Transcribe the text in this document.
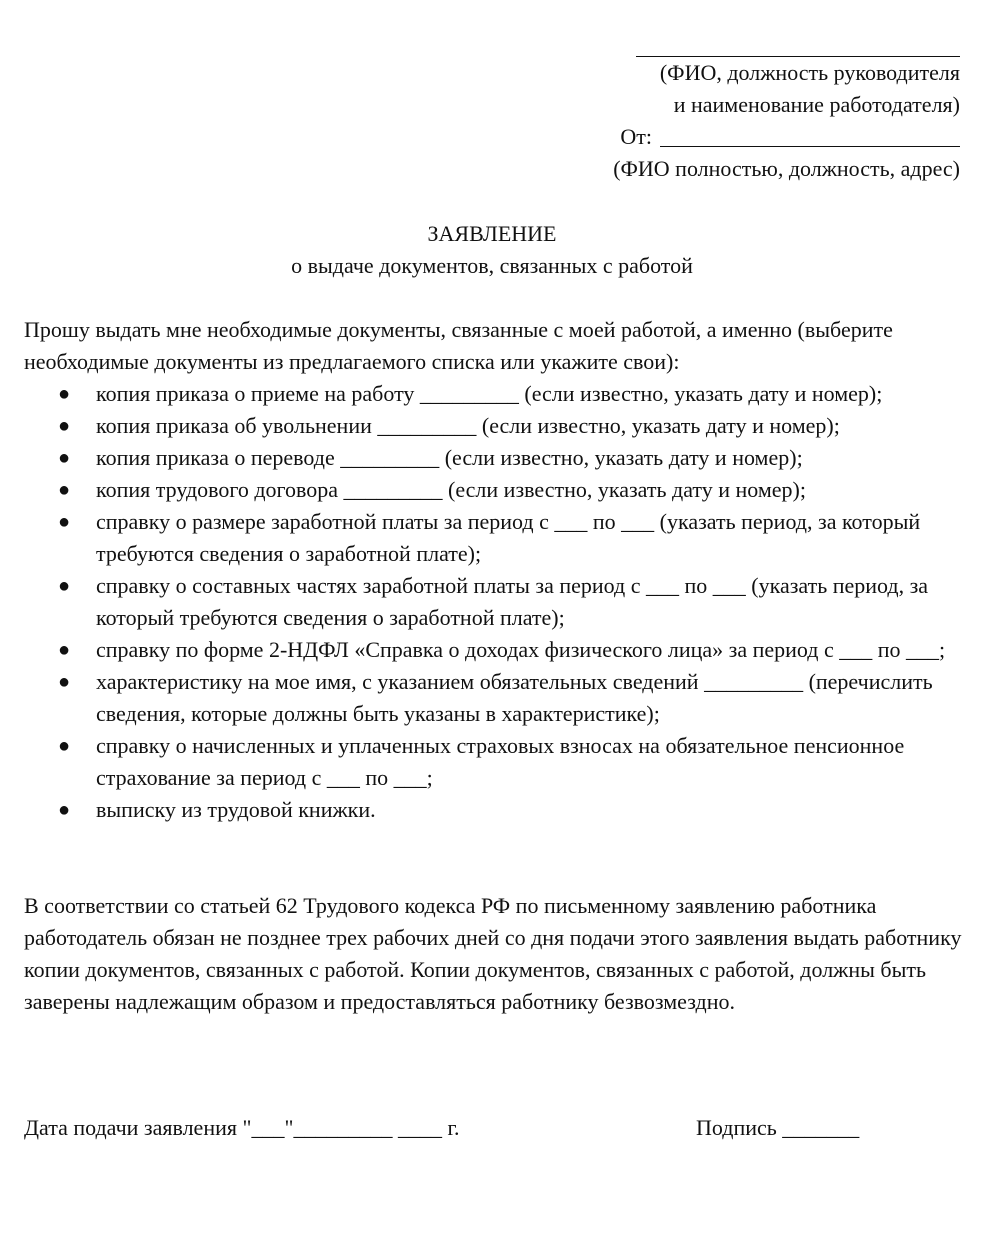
(ФИО, должность руководителя
и наименование работодателя)
От:
(ФИО полностью, должность, адрес)
ЗАЯВЛЕНИЕ
о выдаче документов, связанных с работой

Прошу выдать мне необходимые документы, связанные с моей работой, а именно (выберите необходимые документы из предлагаемого списка или укажите свои):

● копия приказа о приеме на работу _________ (если известно, указать дату и номер);
● копия приказа об увольнении _________ (если известно, указать дату и номер);
● копия приказа о переводе _________ (если известно, указать дату и номер);
● копия трудового договора _________ (если известно, указать дату и номер);
● справку о размере заработной платы за период с ___ по ___ (указать период, за который требуются сведения о заработной плате);
● справку о составных частях заработной платы за период с ___ по ___ (указать период, за который требуются сведения о заработной плате);
● справку по форме 2-НДФЛ «Справка о доходах физического лица» за период с ___ по ___;
● характеристику на мое имя, с указанием обязательных сведений _________ (перечислить сведения, которые должны быть указаны в характеристике);
● справку о начисленных и уплаченных страховых взносах на обязательное пенсионное страхование за период с ___ по ___;
● выписку из трудовой книжки.

В соответствии со статьей 62 Трудового кодекса РФ по письменному заявлению работника работодатель обязан не позднее трех рабочих дней со дня подачи этого заявления выдать работнику копии документов, связанных с работой. Копии документов, связанных с работой, должны быть заверены надлежащим образом и предоставляться работнику безвозмездно.

Дата подачи заявления "___"_________ ____ г.	Подпись _______
